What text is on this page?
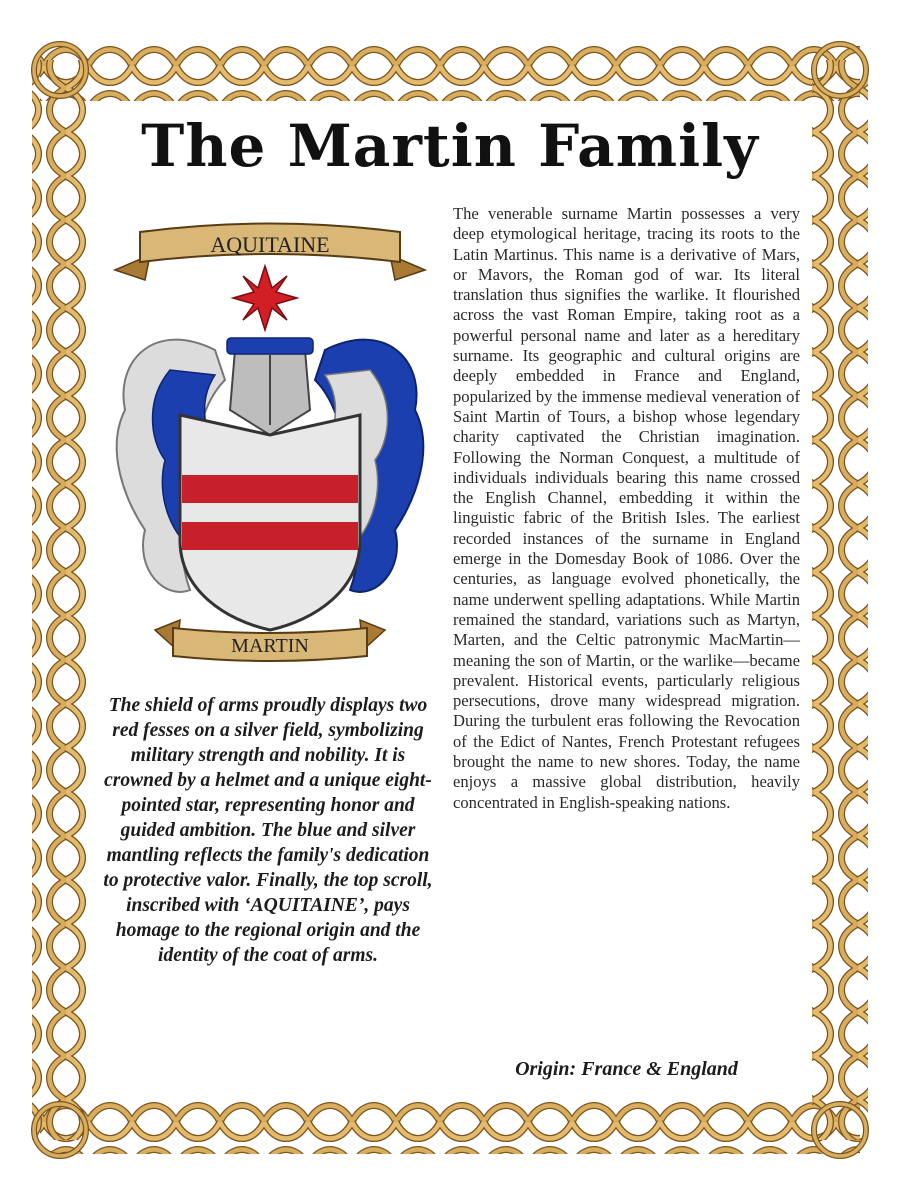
The Martin Family
AQUITAINE
MARTIN
The shield of arms proudly displays two red fesses on a silver field, symbolizing military strength and nobility. It is crowned by a helmet and a unique eight-pointed star, representing honor and guided ambition. The blue and silver mantling reflects the family's dedication to protective valor. Finally, the top scroll, inscribed with ‘AQUITAINE’, pays homage to the regional origin and the identity of the coat of arms.
The venerable surname Martin possesses a very deep etymological heritage, tracing its roots to the Latin Martinus. This name is a derivative of Mars, or Mavors, the Roman god of war. Its literal translation thus signifies the warlike. It flourished across the vast Roman Empire, taking root as a powerful personal name and later as a hereditary surname. Its geographic and cultural origins are deeply embedded in France and England, popularized by the immense medieval veneration of Saint Martin of Tours, a bishop whose legendary charity captivated the Christian imagination. Following the Norman Conquest, a multitude of individuals individuals bearing this name crossed the English Channel, embedding it within the linguistic fabric of the British Isles. The earliest recorded instances of the surname in England emerge in the Domesday Book of 1086. Over the centuries, as language evolved phonetically, the name underwent spelling adaptations. While Martin remained the standard, variations such as Martyn, Marten, and the Celtic patronymic MacMartin—meaning the son of Martin, or the warlike—became prevalent. Historical events, particularly religious persecutions, drove many widespread migration. During the turbulent eras following the Revocation of the Edict of Nantes, French Protestant refugees brought the name to new shores. Today, the name enjoys a massive global distribution, heavily concentrated in English-speaking nations.
Origin: France & England
